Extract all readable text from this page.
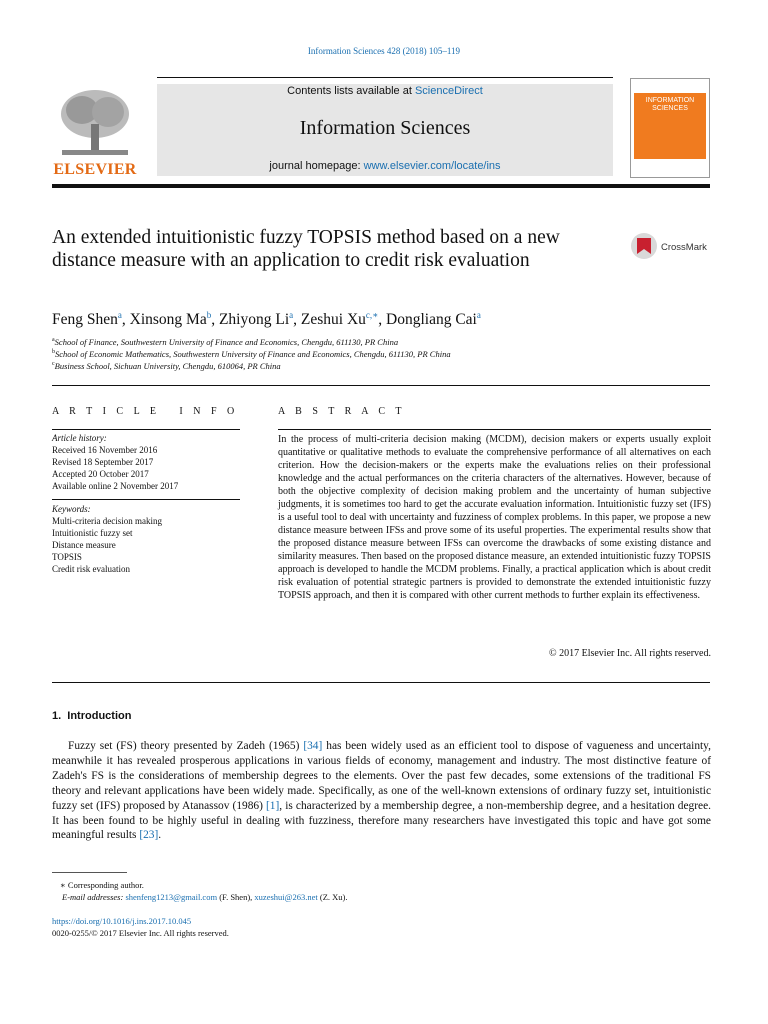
Information Sciences 428 (2018) 105–119
Contents lists available at ScienceDirect
Information Sciences
journal homepage: www.elsevier.com/locate/ins
ELSEVIER
INFORMATION SCIENCES
An extended intuitionistic fuzzy TOPSIS method based on a new distance measure with an application to credit risk evaluation
CrossMark
Feng Shen$^a$, Xinsong Ma$^b$, Zhiyong Li$^a$, Zeshui $Xu^{c,∗}$, Dongliang Cai$^a$
$^a$School of Finance, Southwestern University of Finance and Economics, Chengdu, 611130, PR China
$^b$School of Economic Mathematics, Southwestern University of Finance and Economics, Chengdu, 611130, PR China
$^c$Business School, Sichuan University, Chengdu, 610064, PR China
A R T I C L E   I N F O
Article history:
Received 16 November 2016
Revised 18 September 2017
Accepted 20 October 2017
Available online 2 November 2017
Keywords:
Multi-criteria decision making
Intuitionistic fuzzy set
Distance measure
TOPSIS
Credit risk evaluation
A B S T R A C T
In the process of multi-criteria decision making (MCDM), decision makers or experts usually exploit quantitative or qualitative methods to evaluate the comprehensive performance of all alternatives on each criterion. How the decision-makers or the experts make the evaluations relies on their professional knowledge and the actual performances on the criteria characters of the alternatives. However, because of both the objective complexity of decision making problem and the uncertainty of human subjective judgments, it is sometimes too hard to get the accurate evaluation information. Intuitionistic fuzzy set (IFS) is a useful tool to deal with uncertainty and fuzziness of complex problems. In this paper, we propose a new distance measure between IFSs and prove some of its useful properties. The experimental results show that the proposed distance measure between IFSs can overcome the drawbacks of some existing distance and similarity measures. Then based on the proposed distance measure, an extended intuitionistic fuzzy TOPSIS approach is developed to handle the MCDM problems. Finally, a practical application which is about credit risk evaluation of potential strategic partners is provided to demonstrate the extended intuitionistic fuzzy TOPSIS approach, and then it is compared with other current methods to further explain its effectiveness.
© 2017 Elsevier Inc. All rights reserved.
1.  Introduction
Fuzzy set (FS) theory presented by Zadeh (1965) [34] has been widely used as an efficient tool to dispose of vagueness and uncertainty, meanwhile it has revealed prosperous applications in various fields of economy, management and industry. The most distinctive feature of Zadeh's FS is the considerations of membership degrees to the elements. Over the past few decades, some extensions of the traditional FS theory and relevant applications have been widely made. Specifically, as one of the well-known extensions of ordinary fuzzy set, intuitionistic fuzzy set (IFS) proposed by Atanassov (1986) [1], is characterized by a membership degree, a non-membership degree, and a hesitation degree. It has been found to be highly useful in dealing with fuzziness, therefore many researchers have investigated this topic and have got some meaningful results [23].
∗ Corresponding author.
E-mail addresses: shenfeng1213@gmail.com (F. Shen), xuzeshui@263.net (Z. Xu).
https://doi.org/10.1016/j.ins.2017.10.045
0020-0255/© 2017 Elsevier Inc. All rights reserved.
